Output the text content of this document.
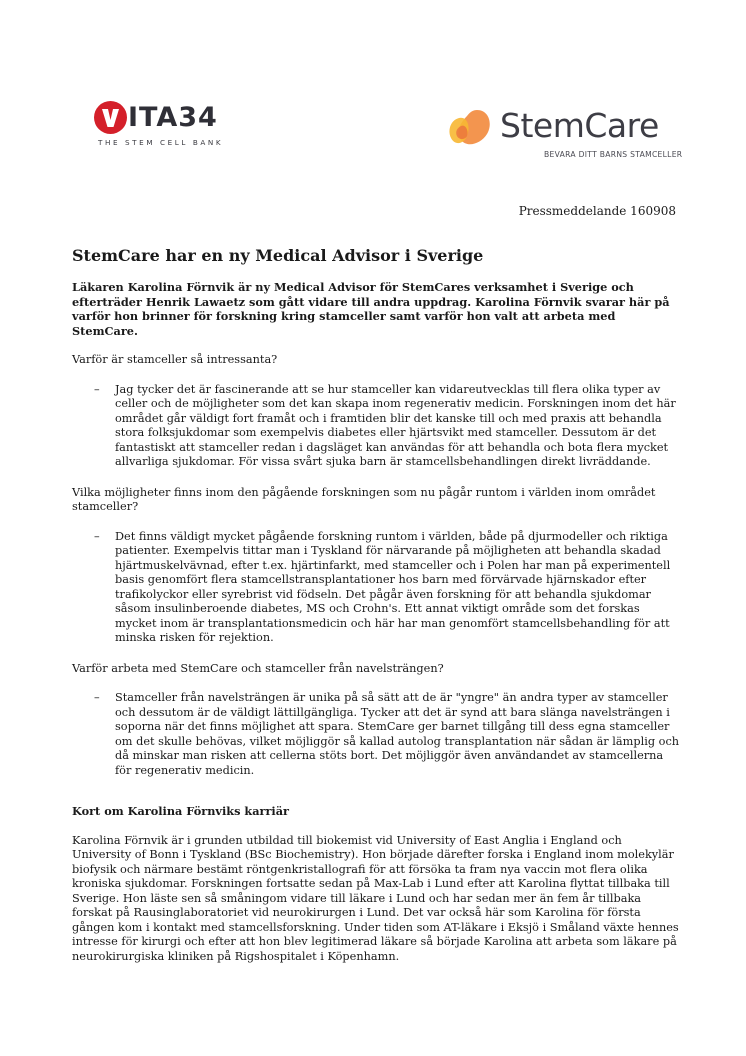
ITA34
THE STEM CELL BANK	StemCare
BEVARA DITT BARNS STAMCELLER
Pressmeddelande 160908
StemCare har en ny Medical Advisor i Sverige

Läkaren Karolina Förnvik är ny Medical Advisor för StemCares verksamhet i Sverige och efterträder Henrik Lawaetz som gått vidare till andra uppdrag. Karolina Förnvik svarar här på varför hon brinner för forskning kring stamceller samt varför hon valt att arbeta med StemCare.

Varför är stamceller så intressanta?

– Jag tycker det är fascinerande att se hur stamceller kan vidareutvecklas till flera olika typer av celler och de möjligheter som det kan skapa inom regenerativ medicin. Forskningen inom det här området går väldigt fort framåt och i framtiden blir det kanske till och med praxis att behandla stora folksjukdomar som exempelvis diabetes eller hjärtsvikt med stamceller. Dessutom är det fantastiskt att stamceller redan i dagsläget kan användas för att behandla och bota flera mycket allvarliga sjukdomar. För vissa svårt sjuka barn är stamcellsbehandlingen direkt livräddande.

Vilka möjligheter finns inom den pågående forskningen som nu pågår runtom i världen inom området stamceller?

– Det finns väldigt mycket pågående forskning runtom i världen, både på djurmodeller och riktiga patienter. Exempelvis tittar man i Tyskland för närvarande på möjligheten att behandla skadad hjärtmuskelvävnad, efter t.ex. hjärtinfarkt, med stamceller och i Polen har man på experimentell basis genomfört flera stamcellstransplantationer hos barn med förvärvade hjärnskador efter trafikolyckor eller syrebrist vid födseln. Det pågår även forskning för att behandla sjukdomar såsom insulinberoende diabetes, MS och Crohn's. Ett annat viktigt område som det forskas mycket inom är transplantationsmedicin och här har man genomfört stamcellsbehandling för att minska risken för rejektion.

Varför arbeta med StemCare och stamceller från navelsträngen?

– Stamceller från navelsträngen är unika på så sätt att de är "yngre" än andra typer av stamceller och dessutom är de väldigt lättillgängliga. Tycker att det är synd att bara slänga navelsträngen i soporna när det finns möjlighet att spara. StemCare ger barnet tillgång till dess egna stamceller om det skulle behövas, vilket möjliggör så kallad autolog transplantation när sådan är lämplig och då minskar man risken att cellerna stöts bort. Det möjliggör även användandet av stamcellerna för regenerativ medicin.

Kort om Karolina Förnviks karriär

Karolina Förnvik är i grunden utbildad till biokemist vid University of East Anglia i England och University of Bonn i Tyskland (BSc Biochemistry). Hon började därefter forska i England inom molekylär biofysik och närmare bestämt röntgenkristallografi för att försöka ta fram nya vaccin mot flera olika kroniska sjukdomar. Forskningen fortsatte sedan på Max-Lab i Lund efter att Karolina flyttat tillbaka till Sverige. Hon läste sen så småningom vidare till läkare i Lund och har sedan mer än fem år tillbaka forskat på Rausinglaboratoriet vid neurokirurgen i Lund. Det var också här som Karolina för första gången kom i kontakt med stamcellsforskning. Under tiden som AT-läkare i Eksjö i Småland växte hennes intresse för kirurgi och efter att hon blev legitimerad läkare så började Karolina att arbeta som läkare på neurokirurgiska kliniken på Rigshospitalet i Köpenhamn.
